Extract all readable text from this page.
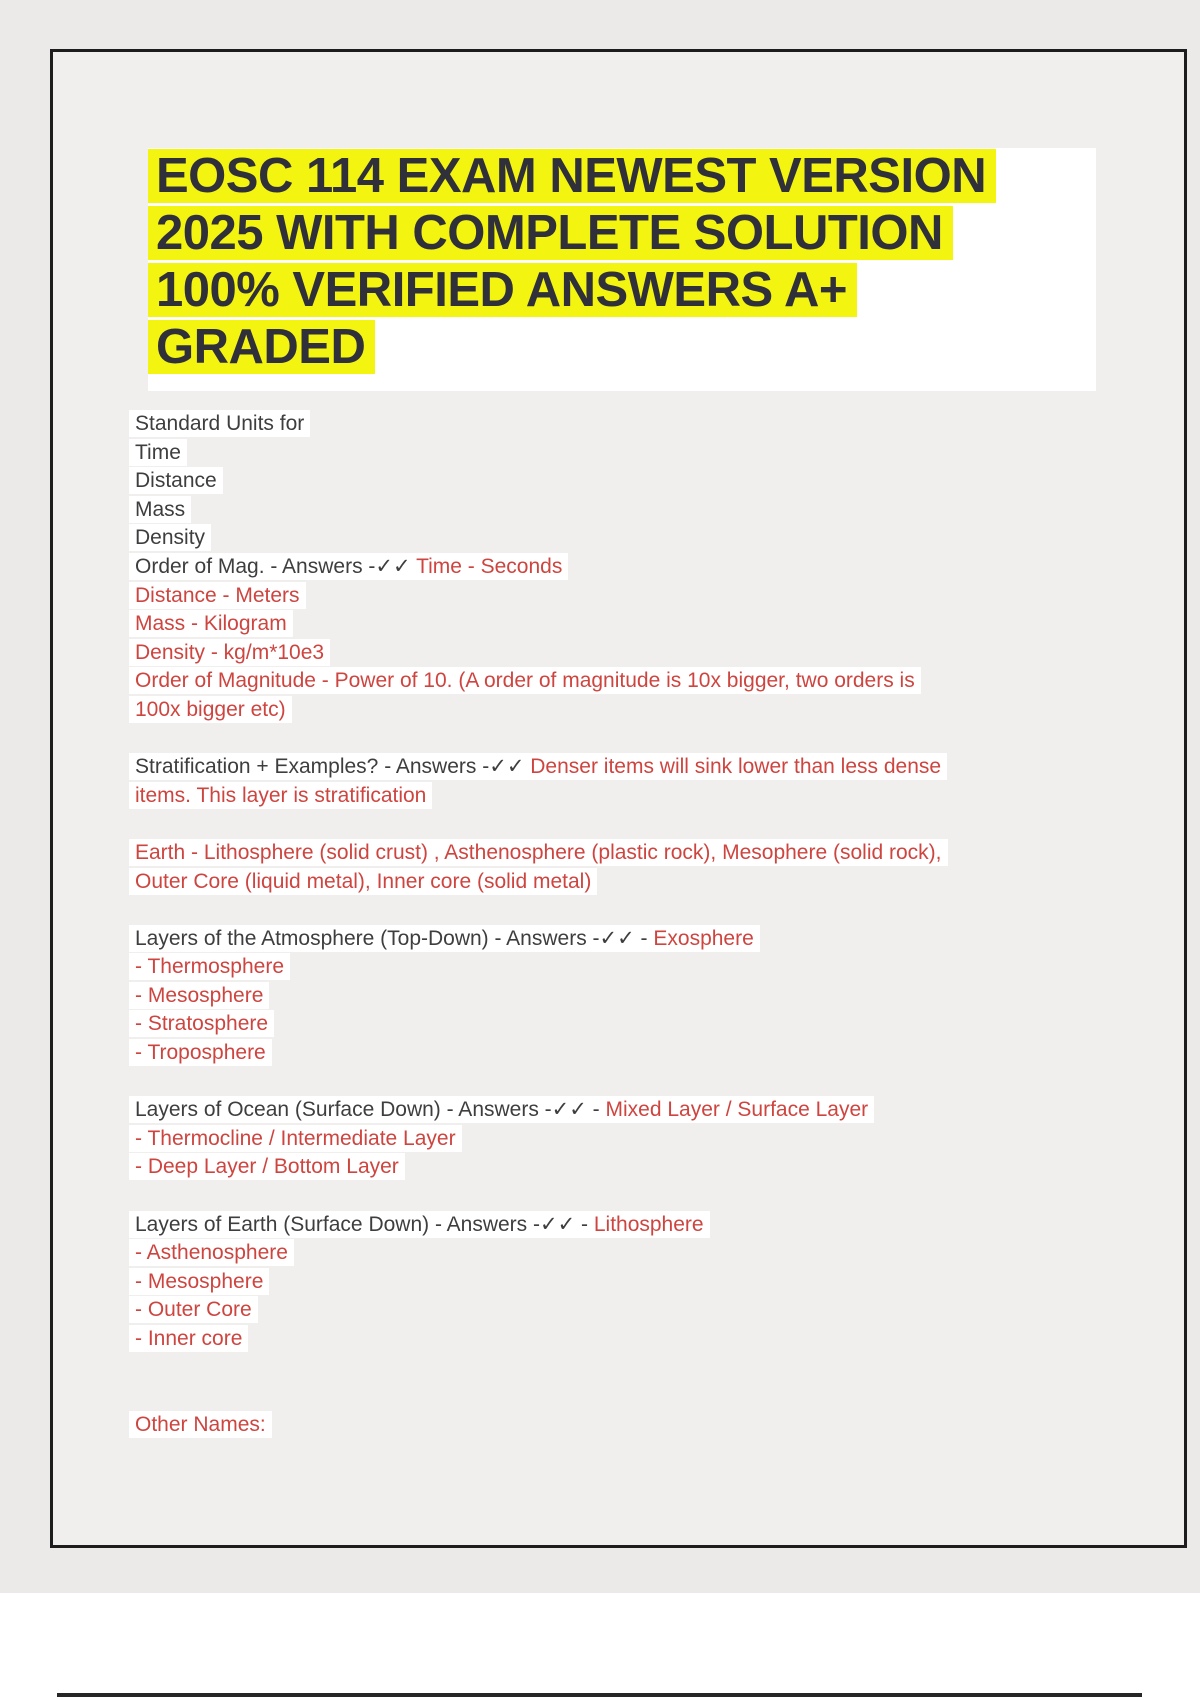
EOSC 114 EXAM NEWEST VERSION
2025 WITH COMPLETE SOLUTION
100% VERIFIED ANSWERS A+
GRADED
Standard Units for
Time
Distance
Mass
Density
Order of Mag. - Answers -✓✓ Time - Seconds
Distance - Meters
Mass - Kilogram
Density - kg/m*10e3
Order of Magnitude - Power of 10. (A order of magnitude is 10x bigger, two orders is
100x bigger etc)
Stratification + Examples? - Answers -✓✓ Denser items will sink lower than less dense
items. This layer is stratification
Earth - Lithosphere (solid crust) , Asthenosphere (plastic rock), Mesophere (solid rock),
Outer Core (liquid metal), Inner core (solid metal)
Layers of the Atmosphere (Top-Down) - Answers -✓✓ - Exosphere
- Thermosphere
- Mesosphere
- Stratosphere
- Troposphere
Layers of Ocean (Surface Down) - Answers -✓✓ - Mixed Layer / Surface Layer
- Thermocline / Intermediate Layer
- Deep Layer / Bottom Layer
Layers of Earth (Surface Down) - Answers -✓✓ - Lithosphere
- Asthenosphere
- Mesosphere
- Outer Core
- Inner core
Other Names:
